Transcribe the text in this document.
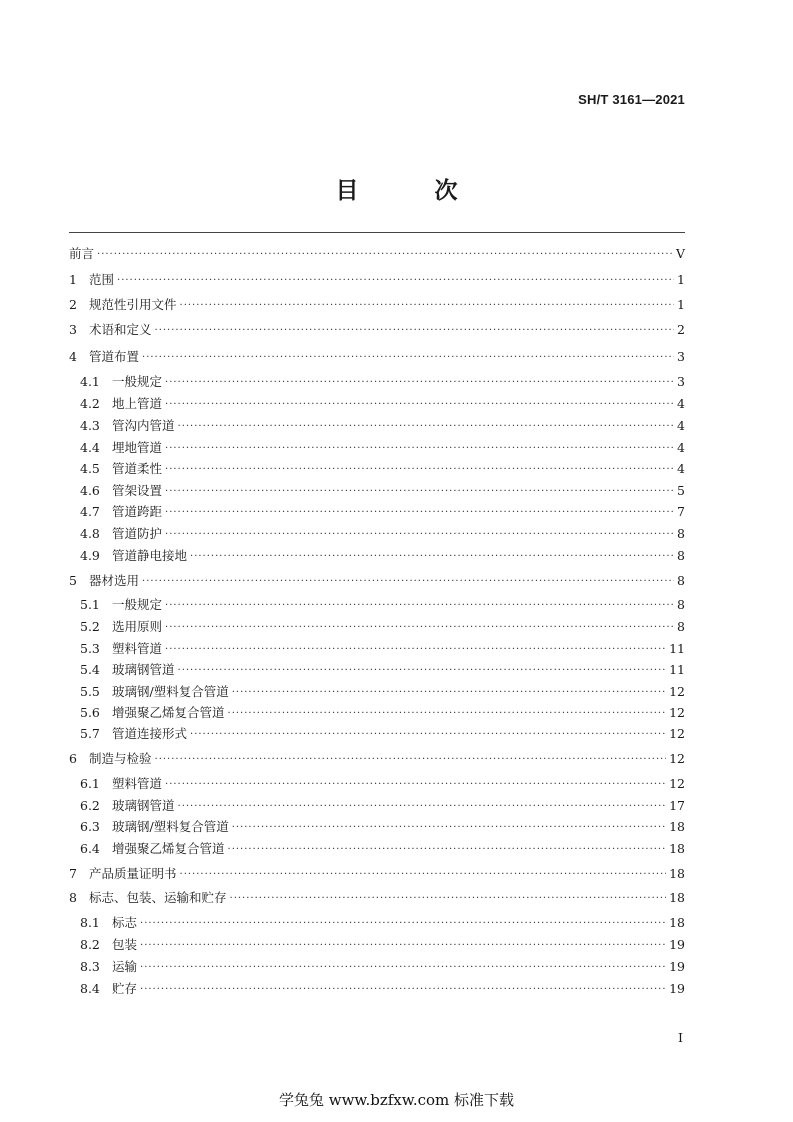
SH/T 3161—2021
目 次
前言 ·····	V
1 范围 ·····	1
2 规范性引用文件 ·····	1
3 术语和定义 ·····	2
4 管道布置 ·····	3
4.1 一般规定 ·····	3
4.2 地上管道 ·····	4
4.3 管沟内管道 ·····	4
4.4 埋地管道 ·····	4
4.5 管道柔性 ·····	4
4.6 管架设置 ·····	5
4.7 管道跨距 ·····	7
4.8 管道防护 ·····	8
4.9 管道静电接地 ·····	8
5 器材选用 ·····	8
5.1 一般规定 ·····	8
5.2 选用原则 ·····	8
5.3 塑料管道 ·····	11
5.4 玻璃钢管道 ·····	11
5.5 玻璃钢/塑料复合管道 ·····	12
5.6 增强聚乙烯复合管道 ·····	12
5.7 管道连接形式 ·····	12
6 制造与检验 ·····	12
6.1 塑料管道 ·····	12
6.2 玻璃钢管道 ·····	17
6.3 玻璃钢/塑料复合管道 ·····	18
6.4 增强聚乙烯复合管道 ·····	18
7 产品质量证明书 ·····	18
8 标志、包装、运输和贮存 ·····	18
8.1 标志 ·····	18
8.2 包装 ·····	19
8.3 运输 ·····	19
8.4 贮存 ·····	19
I
学兔兔 www.bzfxw.com 标准下载
